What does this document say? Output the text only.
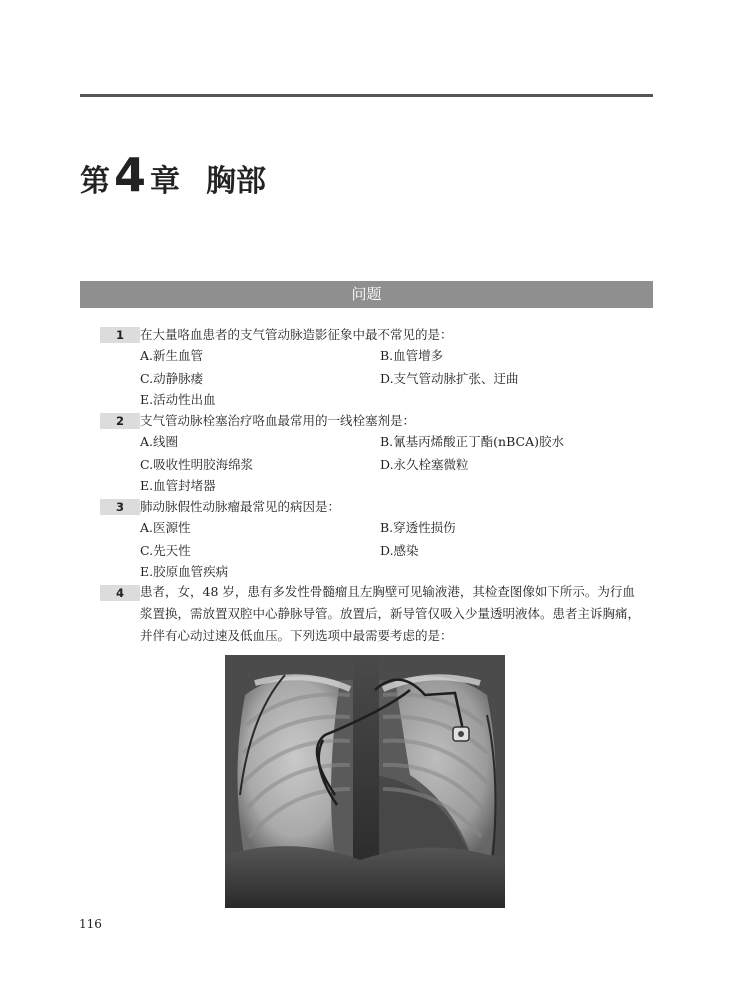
第4 章 胸部
问题
1	在大量咯血患者的支气管动脉造影征象中最不常见的是：
A.新生血管	B.血管增多
C.动静脉瘘	D.支气管动脉扩张、迂曲
E.活动性出血
2	支气管动脉栓塞治疗咯血最常用的一线栓塞剂是：
A.线圈	B.氰基丙烯酸正丁酯(nBCA)胶水
C.吸收性明胶海绵浆	D.永久栓塞微粒
E.血管封堵器
3	肺动脉假性动脉瘤最常见的病因是：
A.医源性	B.穿透性损伤
C.先天性	D.感染
E.胶原血管疾病
4	患者，女，48 岁，患有多发性骨髓瘤且左胸壁可见输液港，其检查图像如下所示。为行血浆置换，需放置双腔中心静脉导管。放置后，新导管仅吸入少量透明液体。患者主诉胸痛，并伴有心动过速及低血压。下列选项中最需要考虑的是：
116
